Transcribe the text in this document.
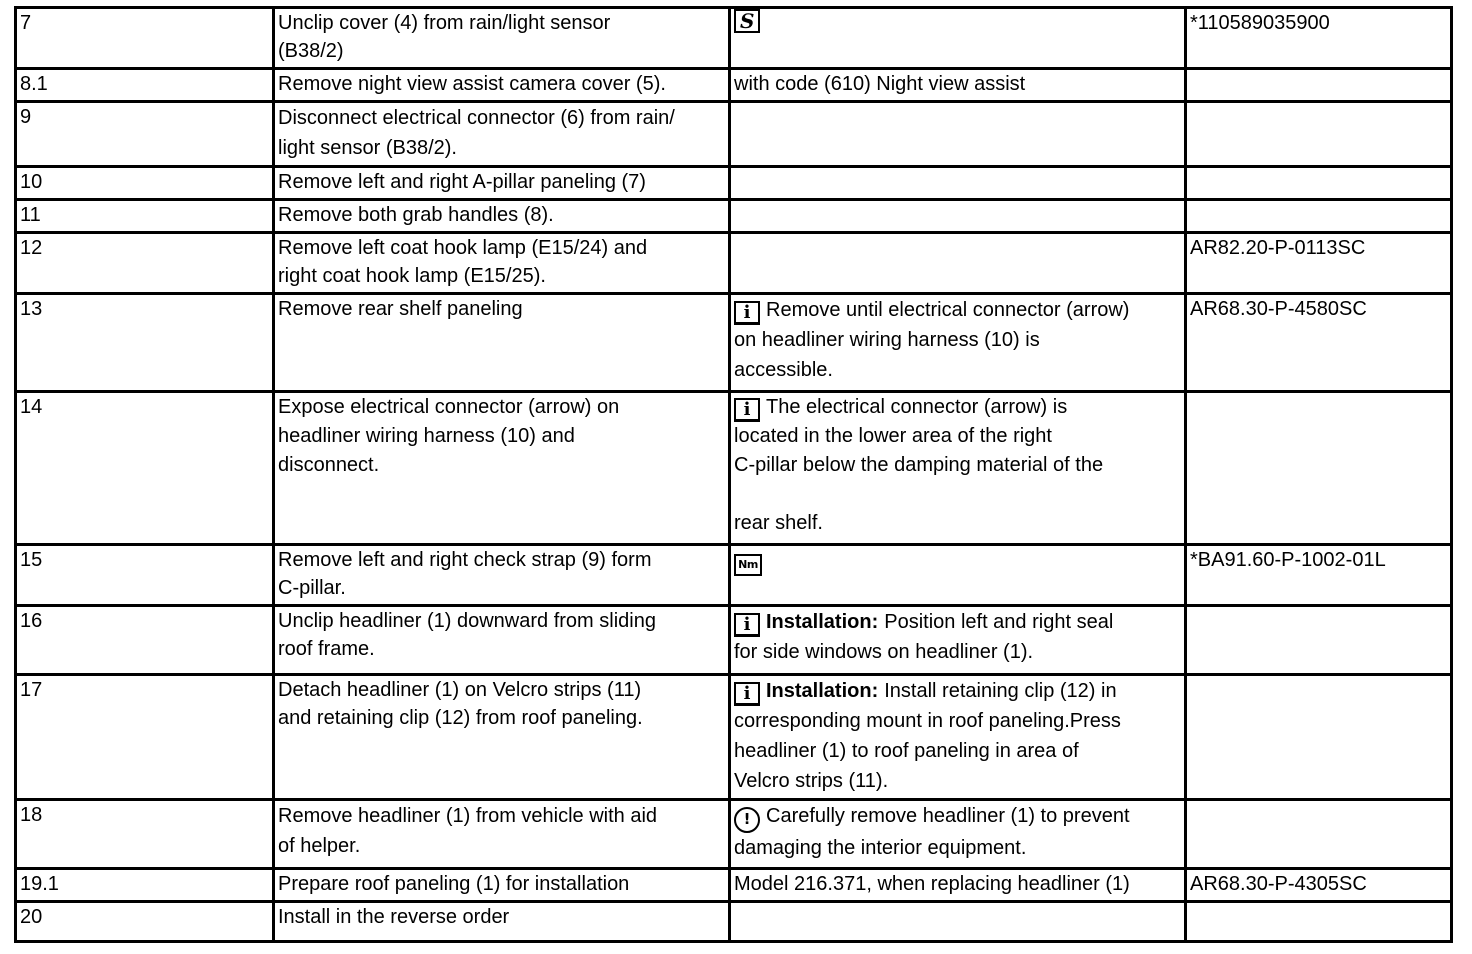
7	Unclip cover (4) from rain/light sensor
(B38/2)
	S	*110589035900

8.1	Remove night view assist camera cover (5).	with code (610) Night view assist	

9	Disconnect electrical connector (6) from rain/
light sensor (B38/2).		

10	Remove left and right A-pillar paneling (7)		

11	Remove both grab handles (8).		

12	Remove left coat hook lamp (E15/24) and
right coat hook lamp (E15/25).		AR82.20-P-0113SC

13	Remove rear shelf paneling	i Remove until electrical connector (arrow)
on headliner wiring harness (10) is
accessible.	AR68.30-P-4580SC

14	Expose electrical connector (arrow) on
headliner wiring harness (10) and
disconnect.	i The electrical connector (arrow) is
located in the lower area of the right
C-pillar below the damping material of the

rear shelf.	

15	Remove left and right check strap (9) form
C-pillar.	Nm	*BA91.60-P-1002-01L

16	Unclip headliner (1) downward from sliding
roof frame.	i Installation: Position left and right seal
for side windows on headliner (1).	

17	Detach headliner (1) on Velcro strips (11)
and retaining clip (12) from roof paneling.	i Installation: Install retaining clip (12) in
corresponding mount in roof paneling.Press
headliner (1) to roof paneling in area of
Velcro strips (11).	

18	Remove headliner (1) from vehicle with aid
of helper.	! Carefully remove headliner (1) to prevent
damaging the interior equipment.	

19.1	Prepare roof paneling (1) for installation	Model 216.371, when replacing headliner (1)	AR68.30-P-4305SC

20	Install in the reverse order		
